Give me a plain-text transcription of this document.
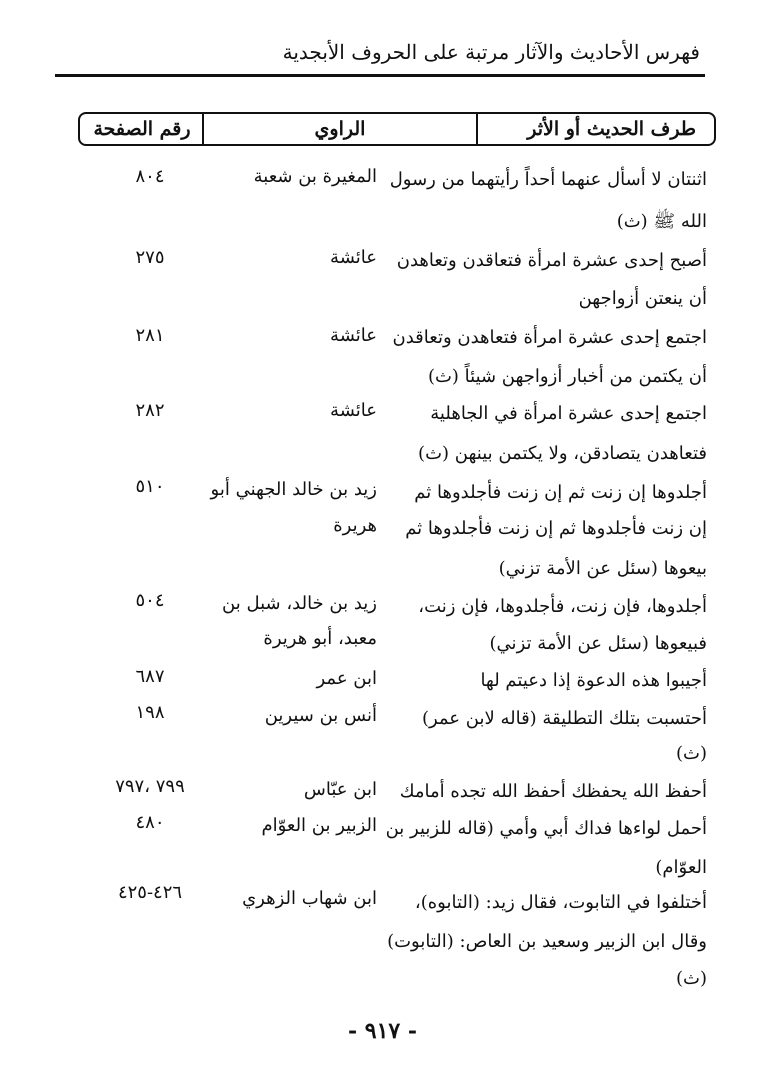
فهرس الأحاديث والآثار مرتبة على الحروف الأبجدية
طرف الحديث أو الأثر
الراوي
رقم الصفحة
اثنتان لا أسأل عنهما أحداً رأيتهما من رسول
الله ﷺ (ث)
المغيرة بن شعبة
٨٠٤
أصبح إحدى عشرة امرأة فتعاقدن وتعاهدن
أن ينعتن أزواجهن
عائشة
٢٧٥
اجتمع إحدى عشرة امرأة فتعاهدن وتعاقدن
أن يكتمن من أخبار أزواجهن شيئاً (ث)
عائشة
٢٨١
اجتمع إحدى عشرة امرأة في الجاهلية
فتعاهدن يتصادقن، ولا يكتمن بينهن (ث)
عائشة
٢٨٢
أجلدوها إن زنت ثم إن زنت فأجلدوها ثم
إن زنت فأجلدوها ثم إن زنت فأجلدوها ثم
بيعوها (سئل عن الأمة تزني)
زيد بن خالد الجهني أبو
هريرة
٥١٠
أجلدوها، فإن زنت، فأجلدوها، فإن زنت،
فبيعوها (سئل عن الأمة تزني)
زيد بن خالد، شبل بن
معبد، أبو هريرة
٥٠٤
أجيبوا هذه الدعوة إذا دعيتم لها
ابن عمر
٦٨٧
أحتسبت بتلك التطليقة (قاله لابن عمر)
(ث)
أنس بن سيرين
١٩٨
أحفظ الله يحفظك أحفظ الله تجده أمامك
ابن عبّاس
٧٩٩ ،٧٩٧
أحمل لواءها فداك أبي وأمي (قاله للزبير بن
العوّام)
الزبير بن العوّام
٤٨٠
أختلفوا في التابوت، فقال زيد: (التابوه)،
وقال ابن الزبير وسعيد بن العاص: (التابوت)
(ث)
ابن شهاب الزهري
٤٢٦-٤٢٥
- ٩١٧ -
